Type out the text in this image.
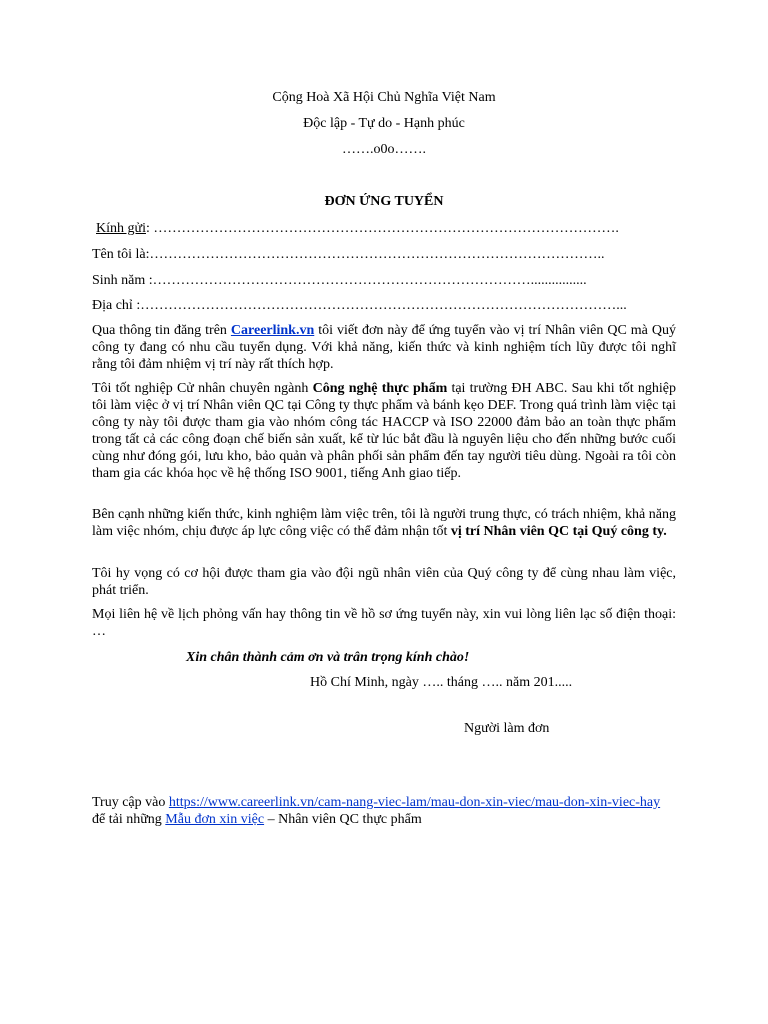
Cộng Hoà Xã Hội Chủ Nghĩa Việt Nam
Độc lập - Tự do - Hạnh phúc
…….o0o…….
ĐƠN ỨNG TUYỂN
Kính gửi: ……………………………………………………………………………………….
Tên tôi là:……………………………………………………………………………………..
Sinh năm :………………………………………………………………………................
Địa chỉ :…………………………………………………………………………………………...
Qua thông tin đăng trên Careerlink.vn tôi viết đơn này để ứng tuyển vào vị trí Nhân viên QC mà Quý công ty đang có nhu cầu tuyển dụng. Với khả năng, kiến thức và kinh nghiệm tích lũy được tôi nghĩ rằng tôi đảm nhiệm vị trí này rất thích hợp.
Tôi tốt nghiệp Cử nhân chuyên ngành Công nghệ thực phẩm tại trường ĐH ABC. Sau khi tốt nghiệp tôi làm việc ở vị trí Nhân viên QC tại Công ty thực phẩm và bánh kẹo DEF. Trong quá trình làm việc tại công ty này tôi được tham gia vào nhóm công tác HACCP và ISO 22000 đảm bảo an toàn thực phẩm trong tất cả các công đoạn chế biến sản xuất, kể từ lúc bắt đầu là nguyên liệu cho đến những bước cuối cùng như đóng gói, lưu kho, bảo quản và phân phối sản phẩm đến tay người tiêu dùng. Ngoài ra tôi còn tham gia các khóa học về hệ thống ISO 9001, tiếng Anh giao tiếp.
Bên cạnh những kiến thức, kinh nghiệm làm việc trên, tôi là người trung thực, có trách nhiệm, khả năng làm việc nhóm, chịu được áp lực công việc có thể đảm nhận tốt vị trí Nhân viên QC tại Quý công ty.
Tôi hy vọng có cơ hội được tham gia vào đội ngũ nhân viên của Quý công ty để cùng nhau làm việc, phát triển.
Mọi liên hệ về lịch phỏng vấn hay thông tin về hồ sơ ứng tuyển này, xin vui lòng liên lạc số điện thoại: …
Xin chân thành cảm ơn và trân trọng kính chào!
Hồ Chí Minh, ngày ….. tháng ….. năm 201.....
Người làm đơn
Truy cập vào https://www.careerlink.vn/cam-nang-viec-lam/mau-don-xin-viec/mau-don-xin-viec-hay để tải những Mẫu đơn xin việc – Nhân viên QC thực phẩm
